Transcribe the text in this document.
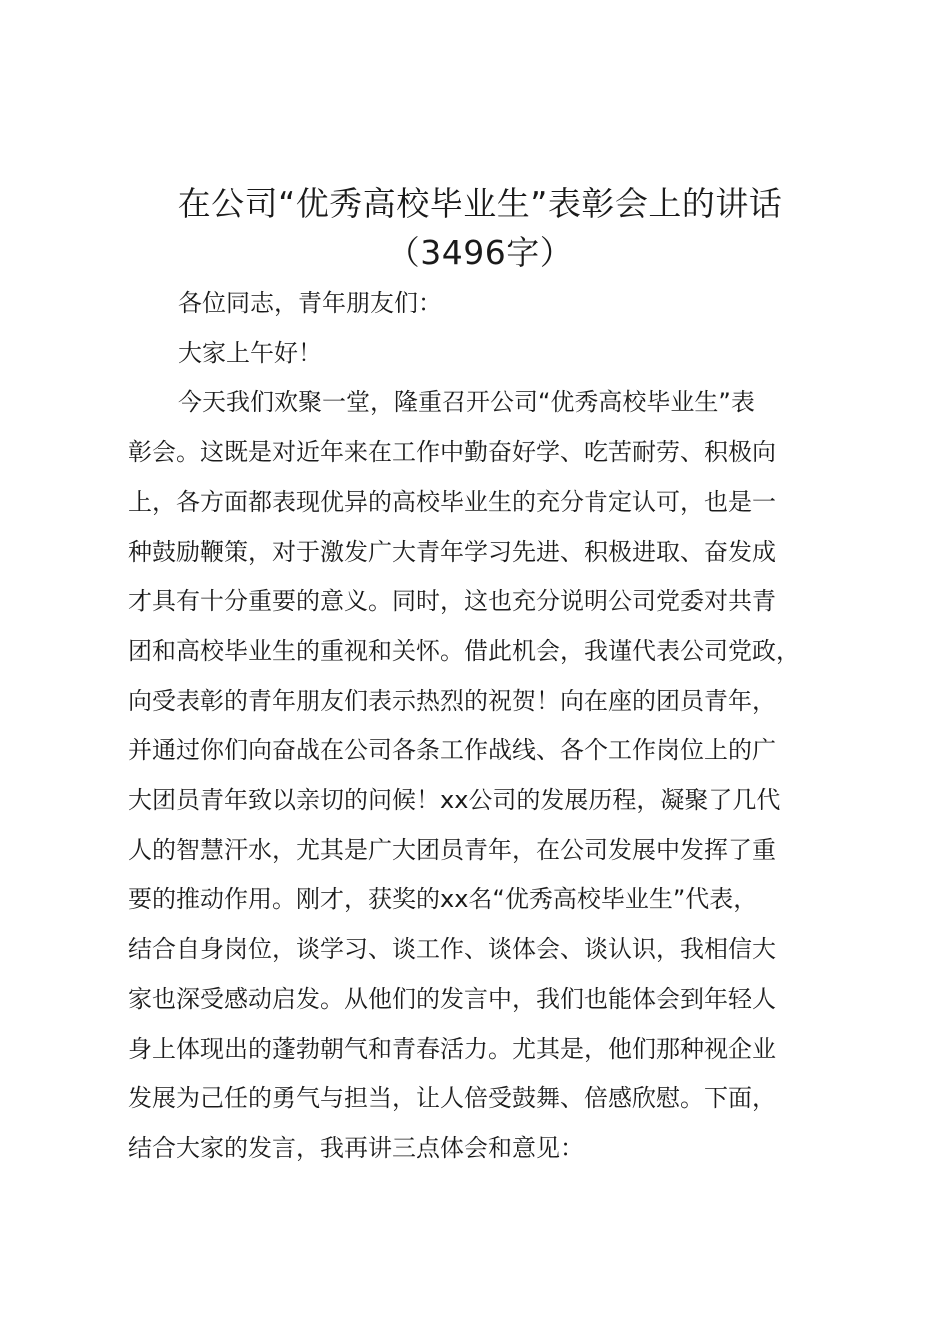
在公司“优秀高校毕业生”表彰会上的讲话
（3496字）
各位同志，青年朋友们：
大家上午好！
今天我们欢聚一堂，隆重召开公司“优秀高校毕业生”表
彰会。这既是对近年来在工作中勤奋好学、吃苦耐劳、积极向
上，各方面都表现优异的高校毕业生的充分肯定认可，也是一
种鼓励鞭策，对于激发广大青年学习先进、积极进取、奋发成
才具有十分重要的意义。同时，这也充分说明公司党委对共青
团和高校毕业生的重视和关怀。借此机会，我谨代表公司党政，
向受表彰的青年朋友们表示热烈的祝贺！向在座的团员青年，
并通过你们向奋战在公司各条工作战线、各个工作岗位上的广
大团员青年致以亲切的问候！xx公司的发展历程，凝聚了几代
人的智慧汗水，尤其是广大团员青年，在公司发展中发挥了重
要的推动作用。刚才，获奖的xx名“优秀高校毕业生”代表，
结合自身岗位，谈学习、谈工作、谈体会、谈认识，我相信大
家也深受感动启发。从他们的发言中，我们也能体会到年轻人
身上体现出的蓬勃朝气和青春活力。尤其是，他们那种视企业
发展为己任的勇气与担当，让人倍受鼓舞、倍感欣慰。下面，
结合大家的发言，我再讲三点体会和意见：
